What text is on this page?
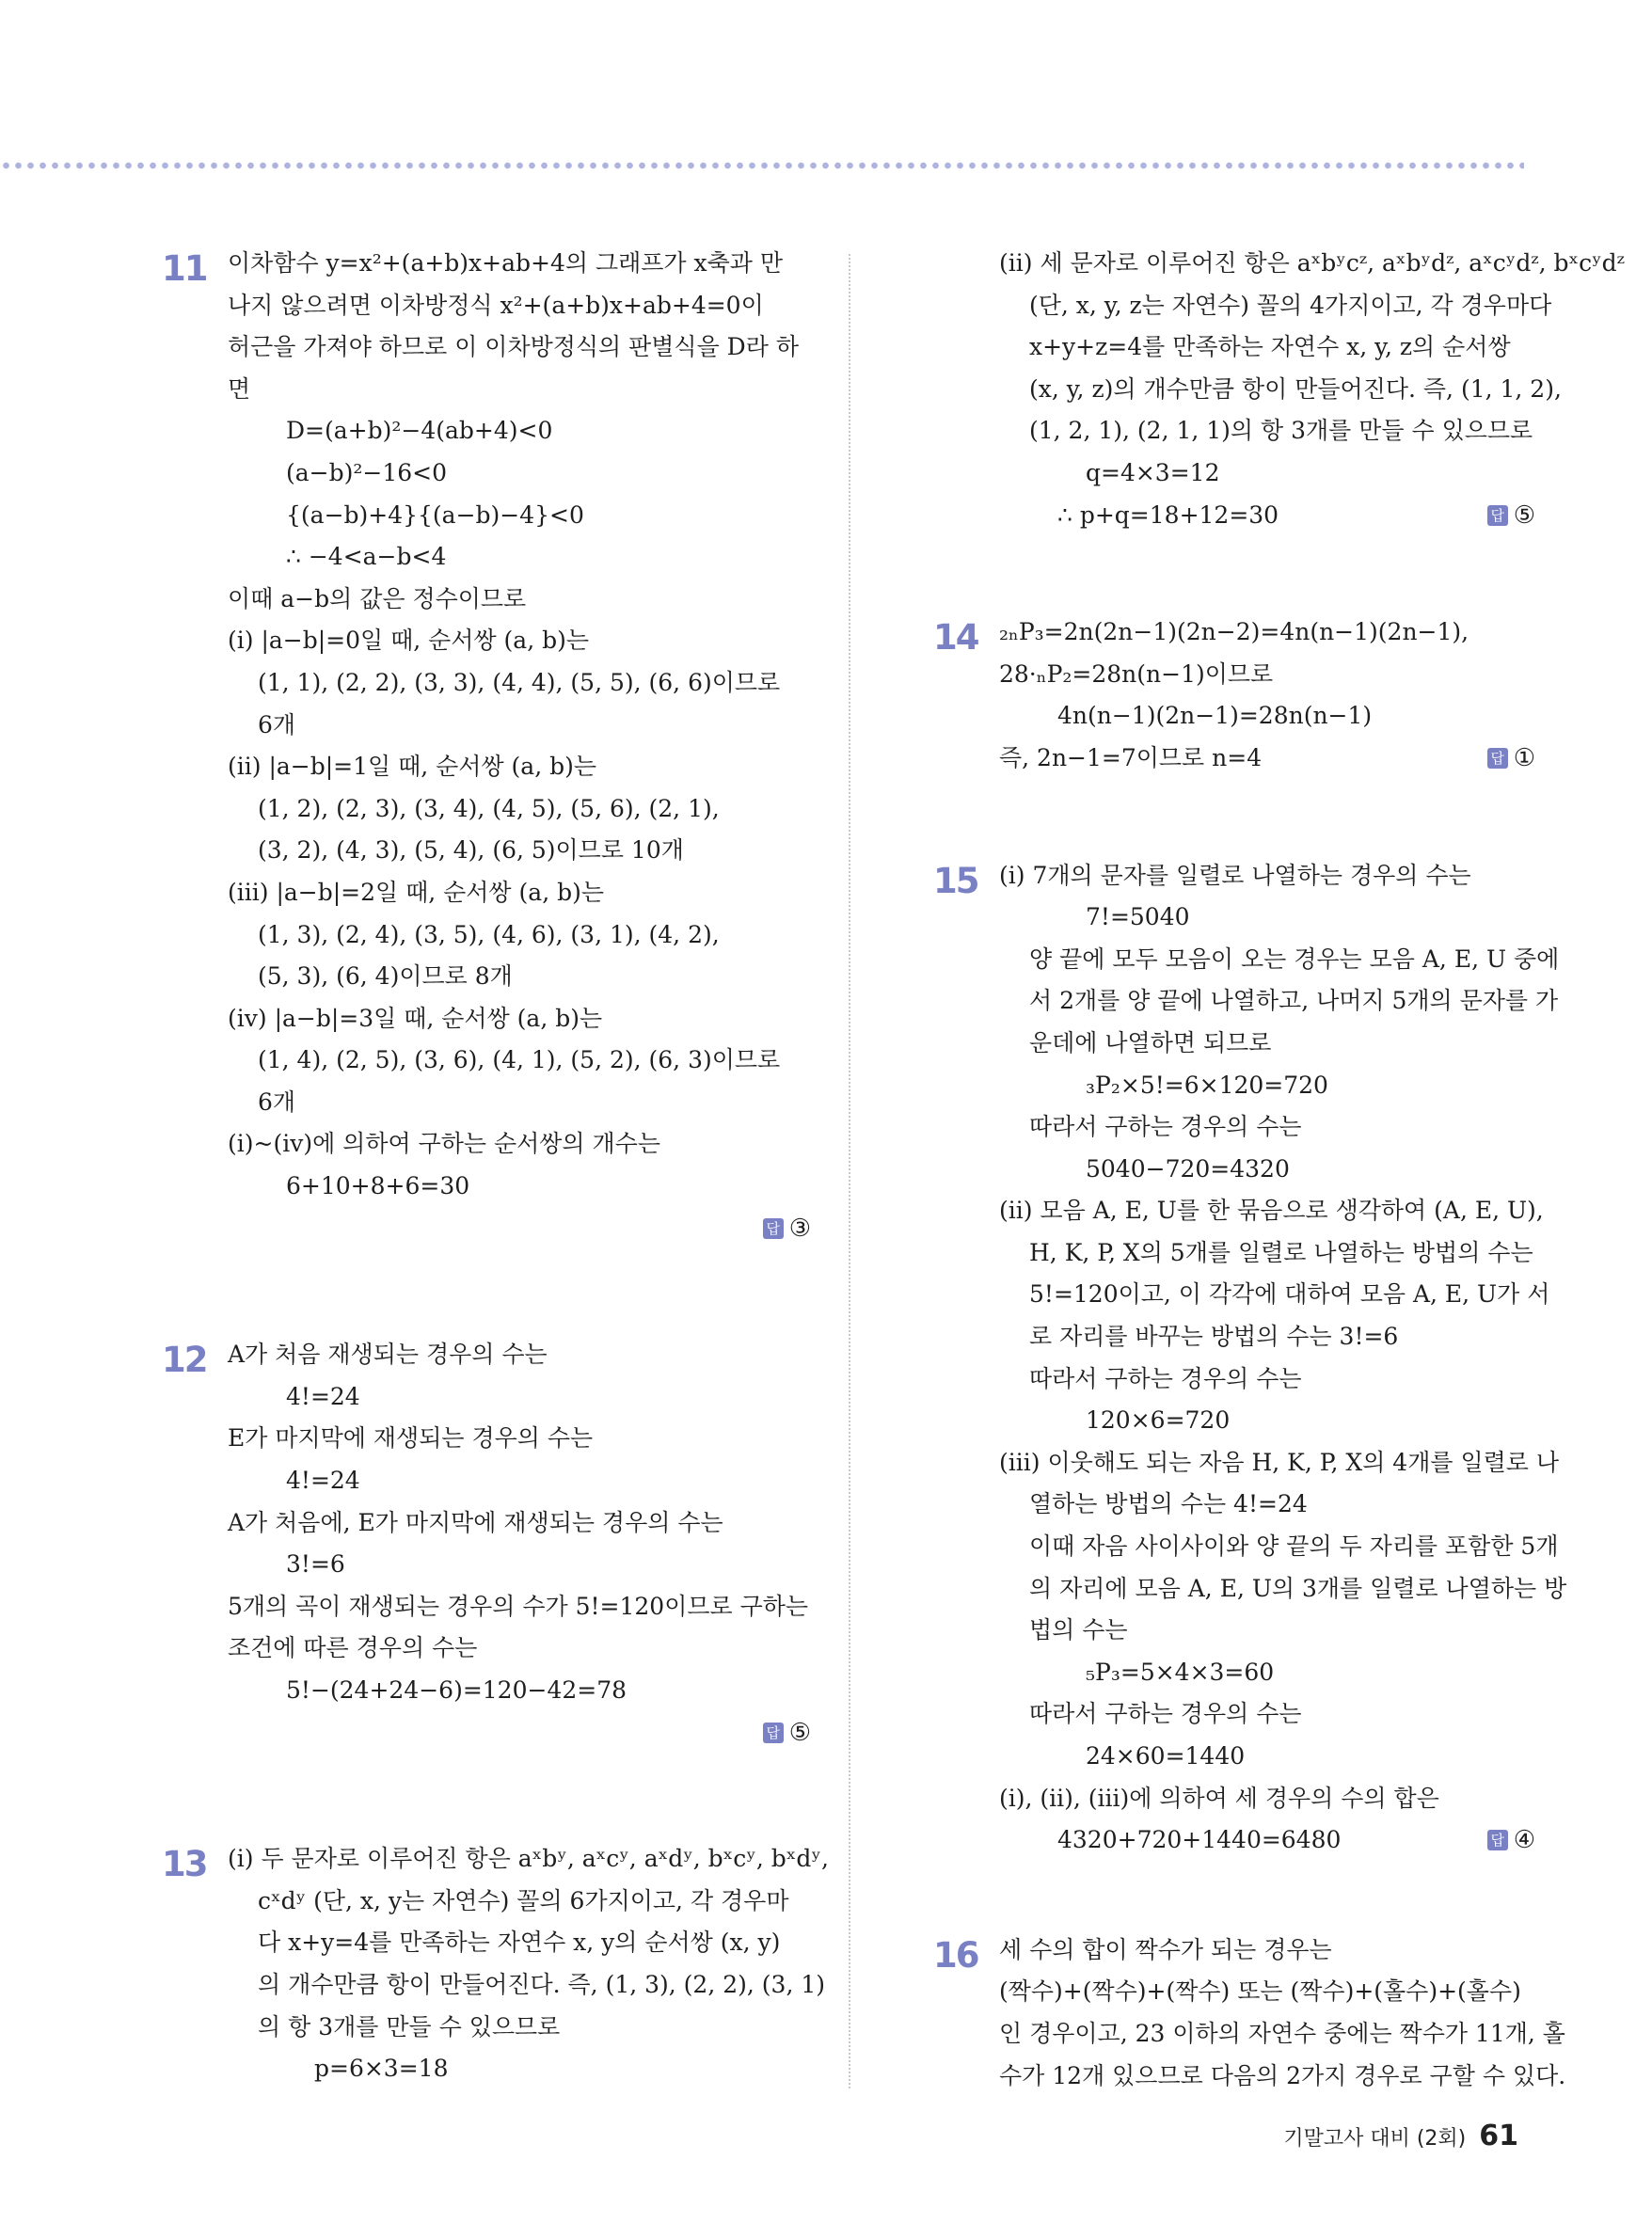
11 이차함수 y=x²+(a+b)x+ab+4의 그래프가 x축과 만
나지 않으려면 이차방정식 x²+(a+b)x+ab+4=0이
허근을 가져야 하므로 이 이차방정식의 판별식을 D라 하
면
D=(a+b)²−4(ab+4)<0
(a−b)²−16<0
{(a−b)+4}{(a−b)−4}<0
∴ −4<a−b<4
이때 a−b의 값은 정수이므로
(ⅰ) |a−b|=0일 때, 순서쌍 (a, b)는
(1, 1), (2, 2), (3, 3), (4, 4), (5, 5), (6, 6)이므로
6개
(ⅱ) |a−b|=1일 때, 순서쌍 (a, b)는
(1, 2), (2, 3), (3, 4), (4, 5), (5, 6), (2, 1),
(3, 2), (4, 3), (5, 4), (6, 5)이므로 10개
(ⅲ) |a−b|=2일 때, 순서쌍 (a, b)는
(1, 3), (2, 4), (3, 5), (4, 6), (3, 1), (4, 2),
(5, 3), (6, 4)이므로 8개
(ⅳ) |a−b|=3일 때, 순서쌍 (a, b)는
(1, 4), (2, 5), (3, 6), (4, 1), (5, 2), (6, 3)이므로
6개
(ⅰ)~(ⅳ)에 의하여 구하는 순서쌍의 개수는
6+10+8+6=30
답 ③
12 A가 처음 재생되는 경우의 수는
4!=24
E가 마지막에 재생되는 경우의 수는
4!=24
A가 처음에, E가 마지막에 재생되는 경우의 수는
3!=6
5개의 곡이 재생되는 경우의 수가 5!=120이므로 구하는
조건에 따른 경우의 수는
5!−(24+24−6)=120−42=78
답 ⑤
13 (ⅰ) 두 문자로 이루어진 항은 aˣbʸ, aˣcʸ, aˣdʸ, bˣcʸ, bˣdʸ,
cˣdʸ (단, x, y는 자연수) 꼴의 6가지이고, 각 경우마
다 x+y=4를 만족하는 자연수 x, y의 순서쌍 (x, y)
의 개수만큼 항이 만들어진다. 즉, (1, 3), (2, 2), (3, 1)
의 항 3개를 만들 수 있으므로
p=6×3=18
(ⅱ) 세 문자로 이루어진 항은 aˣbʸcᶻ, aˣbʸdᶻ, aˣcʸdᶻ, bˣcʸdᶻ
(단, x, y, z는 자연수) 꼴의 4가지이고, 각 경우마다
x+y+z=4를 만족하는 자연수 x, y, z의 순서쌍
(x, y, z)의 개수만큼 항이 만들어진다. 즉, (1, 1, 2),
(1, 2, 1), (2, 1, 1)의 항 3개를 만들 수 있으므로
q=4×3=12
∴ p+q=18+12=30	답 ⑤
14 ₂ₙP₃=2n(2n−1)(2n−2)=4n(n−1)(2n−1),
28·ₙP₂=28n(n−1)이므로
4n(n−1)(2n−1)=28n(n−1)
즉, 2n−1=7이므로 n=4	답 ①
15 (ⅰ) 7개의 문자를 일렬로 나열하는 경우의 수는
7!=5040
양 끝에 모두 모음이 오는 경우는 모음 A, E, U 중에
서 2개를 양 끝에 나열하고, 나머지 5개의 문자를 가
운데에 나열하면 되므로
₃P₂×5!=6×120=720
따라서 구하는 경우의 수는
5040−720=4320
(ⅱ) 모음 A, E, U를 한 묶음으로 생각하여 (A, E, U),
H, K, P, X의 5개를 일렬로 나열하는 방법의 수는
5!=120이고, 이 각각에 대하여 모음 A, E, U가 서
로 자리를 바꾸는 방법의 수는 3!=6
따라서 구하는 경우의 수는
120×6=720
(ⅲ) 이웃해도 되는 자음 H, K, P, X의 4개를 일렬로 나
열하는 방법의 수는 4!=24
이때 자음 사이사이와 양 끝의 두 자리를 포함한 5개
의 자리에 모음 A, E, U의 3개를 일렬로 나열하는 방
법의 수는
₅P₃=5×4×3=60
따라서 구하는 경우의 수는
24×60=1440
(ⅰ), (ⅱ), (ⅲ)에 의하여 세 경우의 수의 합은
4320+720+1440=6480	답 ④
16 세 수의 합이 짝수가 되는 경우는
(짝수)+(짝수)+(짝수) 또는 (짝수)+(홀수)+(홀수)
인 경우이고, 23 이하의 자연수 중에는 짝수가 11개, 홀
수가 12개 있으므로 다음의 2가지 경우로 구할 수 있다.
기말고사 대비 (2회) 61
